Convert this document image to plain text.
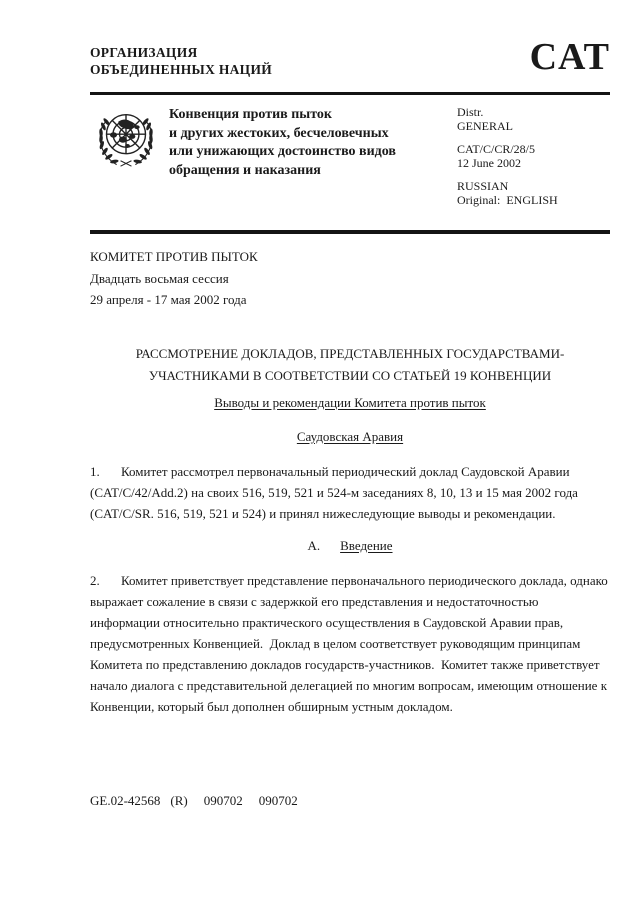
ОРГАНИЗАЦИЯ
ОБЪЕДИНЕННЫХ НАЦИЙ	CAT
Конвенция против пыток
и других жестоких, бесчеловечных
или унижающих достоинство видов
обращения и наказания
Distr.
GENERAL
CAT/C/CR/28/5
12 June 2002
RUSSIAN
Original:  ENGLISH
КОМИТЕТ ПРОТИВ ПЫТОК
Двадцать восьмая сессия
29 апреля - 17 мая 2002 года
РАССМОТРЕНИЕ ДОКЛАДОВ, ПРЕДСТАВЛЕННЫХ ГОСУДАРСТВАМИ-
УЧАСТНИКАМИ В СООТВЕТСТВИИ СО СТАТЬЕЙ 19 КОНВЕНЦИИ
Выводы и рекомендации Комитета против пыток
Саудовская Аравия

1. Комитет рассмотрел первоначальный периодический доклад Саудовской Аравии (CAT/C/42/Add.2) на своих 516, 519, 521 и 524-м заседаниях 8, 10, 13 и 15 мая 2002 года (CAT/C/SR. 516, 519, 521 и 524) и принял нижеследующие выводы и рекомендации.

A. Введение

2. Комитет приветствует представление первоначального периодического доклада, однако выражает сожаление в связи с задержкой его представления и недостаточностью информации относительно практического осуществления в Саудовской Аравии прав, предусмотренных Конвенцией.  Доклад в целом соответствует руководящим принципам Комитета по представлению докладов государств-участников.  Комитет также приветствует начало диалога с представительной делегацией по многим вопросам, имеющим отношение к Конвенции, который был дополнен обширным устным докладом.

GE.02-42568 (R) 090702 090702
